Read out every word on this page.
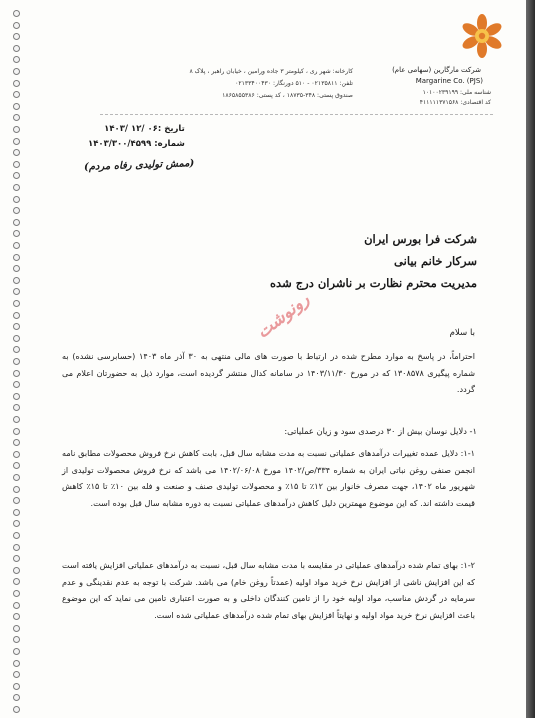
شرکت مارگارین (سهامی عام)
Margarine Co. (PJS)
شناسه ملی: ۱۰۱۰۰۲۳۹۱۹۹
کد اقتصادی: ۴۱۱۱۱۱۳۷۱۵۶۸
کارخانه: شهر ری ، کیلومتر ۳ جاده ورامین ، خیابان راهبر ، پلاک ۸
تلفن: ۰۲۱۳۵۸۱۱ - ۵۱۰ دورنگار: ۰۲۱۳۳۴۰۰۴۳۰
صندوق پستی: ۳۴۸-۱۸۷۳۵ ، کد پستی: ۱۸۶۵۸۵۵۳۸۶
تاریخ :۰۶ /۱۲ /۱۴۰۳
شماره: ۱۴۰۳/۳۰۰/۴۵۹۹
(ممش تولیدی رفاه مردم)
شرکت فرا بورس ایران
سرکار خانم بیانی
مدیریت محترم نظارت بر ناشران درج شده
با سلام
رونوشت
احتراماً، در پاسخ به موارد مطرح شده در ارتباط با صورت های مالی منتهی به ۳۰ آذر ماه ۱۴۰۳ (حسابرسی نشده) به شماره پیگیری ۱۳۰۸۵۷۸ که در مورخ ۱۴۰۳/۱۱/۳۰ در سامانه کدال منتشر گردیده است، موارد ذیل به حضورتان اعلام می گردد.
۱- دلایل نوسان بیش از ۳۰ درصدی سود و زیان عملیاتی:
۱-۱: دلایل عمده تغییرات درآمدهای عملیاتی نسبت به مدت مشابه سال قبل، بابت کاهش نرخ فروش محصولات مطابق نامه انجمن صنفی روغن نباتی ایران به شماره ۳۳۴/ص/۱۴۰۲ مورخ ۱۴۰۲/۰۶/۰۸ می باشد که نرخ فروش محصولات تولیدی از شهریور ماه ۱۴۰۲، جهت مصرف خانوار بین ۱۲٪ تا ۱۵٪ و محصولات تولیدی صنف و صنعت و فله بین ۱۰٪ تا ۱۵٪ کاهش قیمت داشته اند. که این موضوع مهمترین دلیل کاهش درآمدهای عملیاتی نسبت به دوره مشابه سال قبل بوده است.
۱-۲: بهای تمام شده درآمدهای عملیاتی در مقایسه با مدت مشابه سال قبل، نسبت به درآمدهای عملیاتی افزایش یافته است که این افزایش ناشی از افزایش نرخ خرید مواد اولیه (عمدتاً روغن خام) می باشد. شرکت با توجه به عدم نقدینگی و عدم سرمایه در گردش مناسب، مواد اولیه خود را از تامین کنندگان داخلی و به صورت اعتباری تامین می نماید که این موضوع باعث افزایش نرخ خرید مواد اولیه و نهایتاً افزایش بهای تمام شده درآمدهای عملیاتی شده است.
